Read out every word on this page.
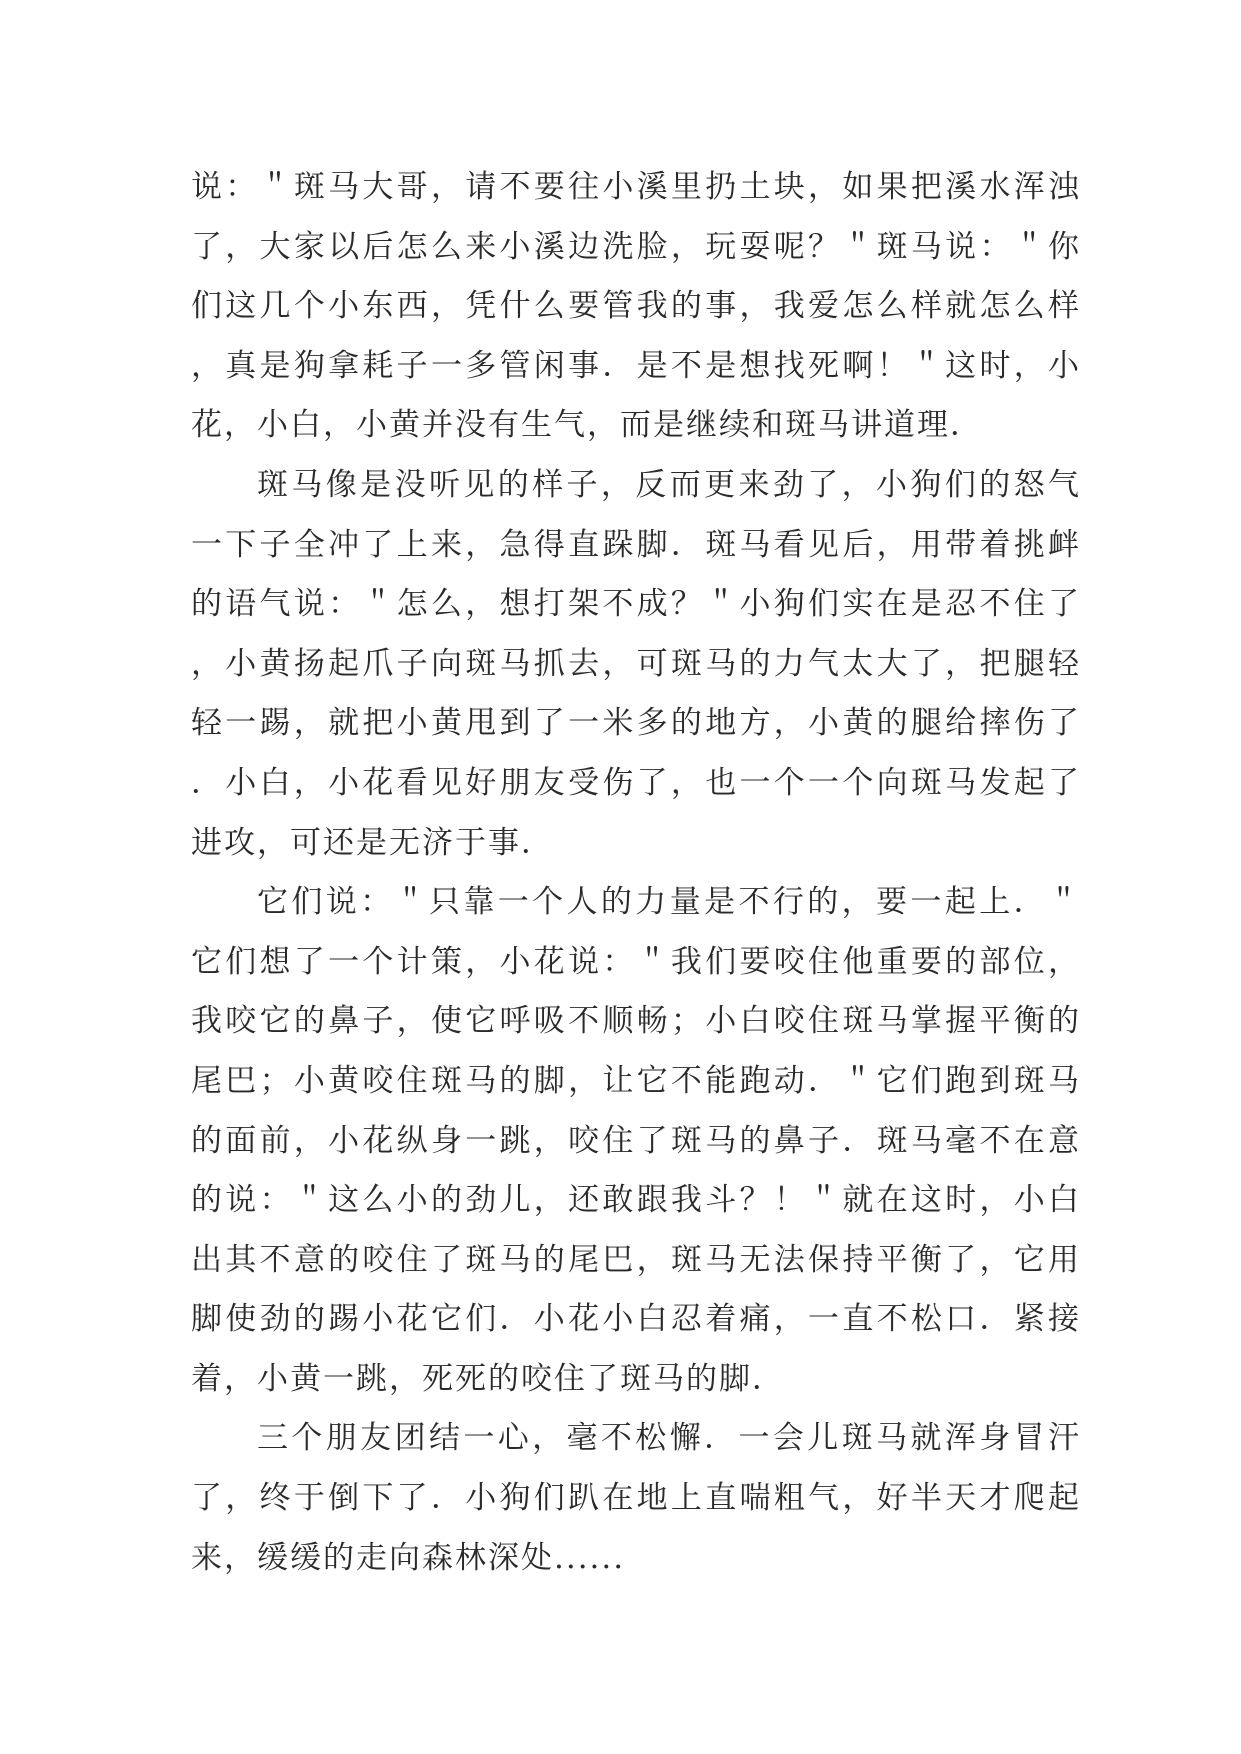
说：＂斑马大哥，请不要往小溪里扔土块，如果把溪水浑浊了，大家以后怎么来小溪边洗脸，玩耍呢？＂斑马说：＂你们这几个小东西，凭什么要管我的事，我爱怎么样就怎么样，真是狗拿耗子一多管闲事．是不是想找死啊！＂这时，小花，小白，小黄并没有生气，而是继续和斑马讲道理．

斑马像是没听见的样子，反而更来劲了，小狗们的怒气一下子全冲了上来，急得直跺脚．斑马看见后，用带着挑衅的语气说：＂怎么，想打架不成？＂小狗们实在是忍不住了，小黄扬起爪子向斑马抓去，可斑马的力气太大了，把腿轻轻一踢，就把小黄甩到了一米多的地方，小黄的腿给摔伤了．小白，小花看见好朋友受伤了，也一个一个向斑马发起了进攻，可还是无济于事．

它们说：＂只靠一个人的力量是不行的，要一起上．＂它们想了一个计策，小花说：＂我们要咬住他重要的部位，我咬它的鼻子，使它呼吸不顺畅；小白咬住斑马掌握平衡的尾巴；小黄咬住斑马的脚，让它不能跑动．＂它们跑到斑马的面前，小花纵身一跳，咬住了斑马的鼻子．斑马毫不在意的说：＂这么小的劲儿，还敢跟我斗？！＂就在这时，小白出其不意的咬住了斑马的尾巴，斑马无法保持平衡了，它用脚使劲的踢小花它们．小花小白忍着痛，一直不松口．紧接着，小黄一跳，死死的咬住了斑马的脚．

三个朋友团结一心，毫不松懈．一会儿斑马就浑身冒汗了，终于倒下了．小狗们趴在地上直喘粗气，好半天才爬起来，缓缓的走向森林深处......
